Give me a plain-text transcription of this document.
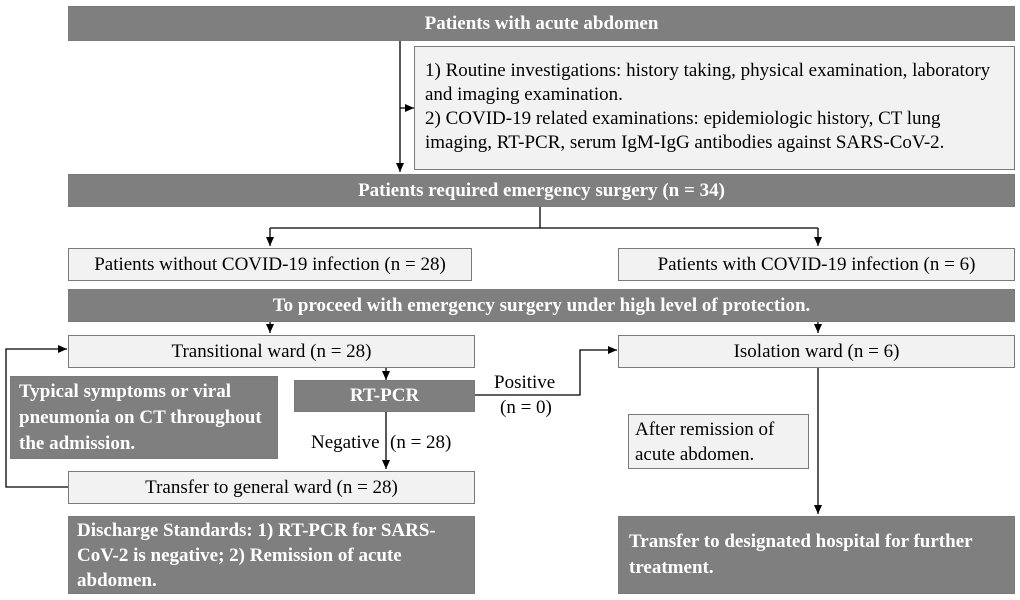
Patients with acute abdomen
1) Routine investigations: history taking, physical examination, laboratory and imaging examination.
2) COVID-19 related examinations: epidemiologic history, CT lung imaging, RT-PCR, serum IgM-IgG antibodies against SARS-CoV-2.
Patients required emergency surgery (n = 34)
Patients without COVID-19 infection (n = 28)	Patients with COVID-19 infection (n = 6)
To proceed with emergency surgery under high level of protection.
Transitional ward (n = 28)	Isolation ward (n = 6)
Typical symptoms or viral pneumonia on CT throughout the admission.
RT-PCR
After remission of acute abdomen.
Transfer to general ward (n = 28)
Discharge Standards: 1) RT-PCR for SARS-CoV-2 is negative; 2) Remission of acute abdomen.
Transfer to designated hospital for further treatment.
Positive
(n = 0)
Negative (n = 28)
